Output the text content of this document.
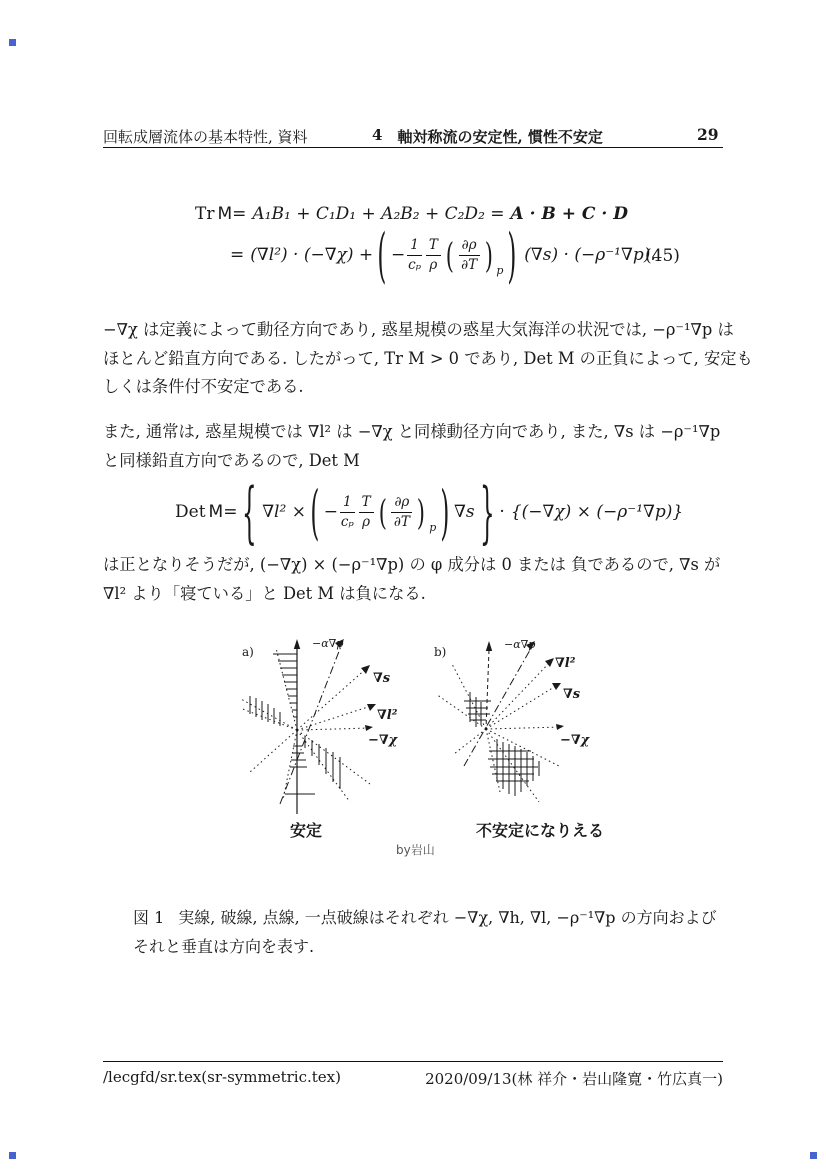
回転成層流体の基本特性, 資料	4 軸対称流の安定性, 慣性不安定	29
Tr M = A₁B₁ + C₁D₁ + A₂B₂ + C₂D₂ = A · B + C · D
= (∇l²) · (−∇χ) + ( − $\frac{1}{\text{cₚ}} \frac{T}{\rho}$ ( $\frac{\partial\rho}{\partial T}$ ) p ) (∇s) · (−ρ⁻¹∇p).
(45)
−∇χ は定義によって動径方向であり, 惑星規模の惑星大気海洋の状況では, −ρ⁻¹∇p は
ほとんど鉛直方向である. したがって, Tr M > 0 であり, Det M の正負によって, 安定も
しくは条件付不安定である.
また, 通常は, 惑星規模では ∇l² は −∇χ と同様動径方向であり, また, ∇s は −ρ⁻¹∇p
と同様鉛直方向であるので, Det M
Det M = { ∇l² × ( − $\frac{1}{\text{cₚ}} \frac{T}{\rho}$ ( $\frac{\partial\rho}{\partial T}$ ) p ) ∇s } · {(−∇χ) × (−ρ⁻¹∇p)}
は正となりそうだが, (−∇χ) × (−ρ⁻¹∇p) の φ 成分は 0 または 負であるので, ∇s が
∇l² より「寝ている」と Det M は負になる.
a)
−α∇p
∇s
∇l²
−∇χ
b)
−α∇p
∇l²
∇s
−∇χ
安定	不安定になりえる
by岩山
図 1 実線, 破線, 点線, 一点破線はそれぞれ −∇χ, ∇h, ∇l, −ρ⁻¹∇p の方向およびそれと垂直は方向を表す.
/lecgfd/sr.tex(sr-symmetric.tex)	2020/09/13(林 祥介・岩山隆寛・竹広真一)
